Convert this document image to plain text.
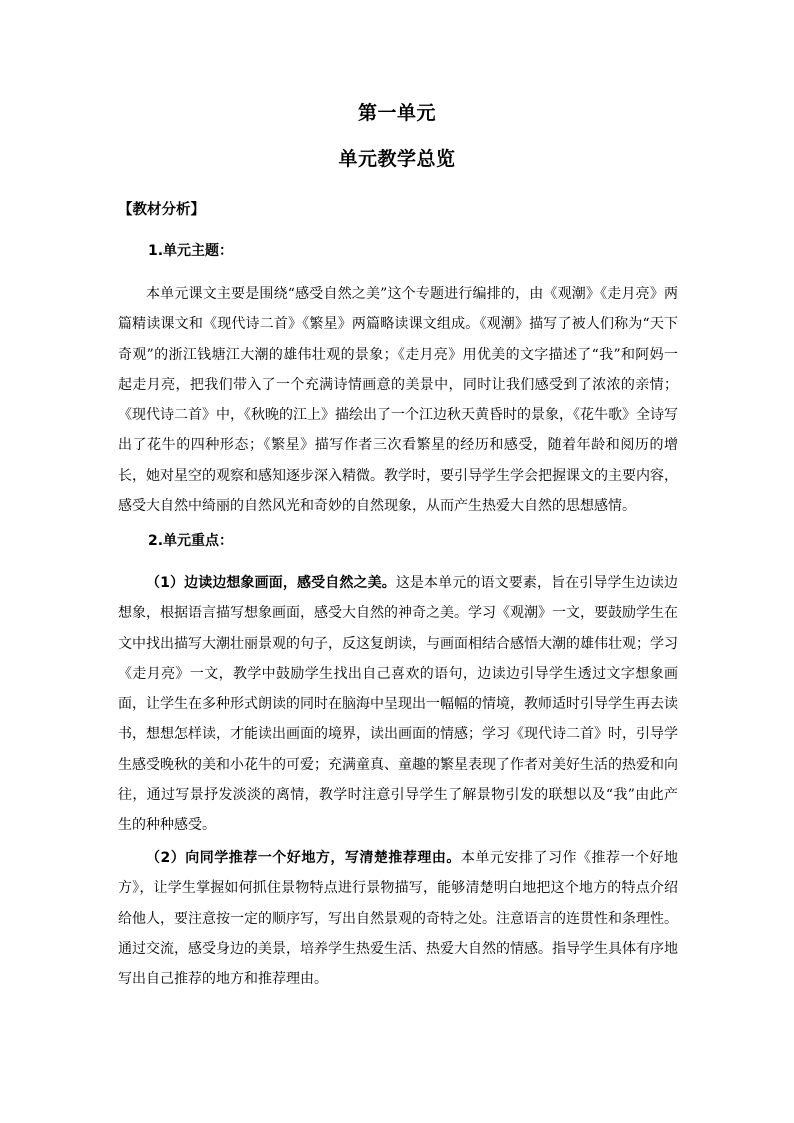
第一单元
单元教学总览
【教材分析】
1.单元主题：

本单元课文主要是围绕“感受自然之美”这个专题进行编排的，由《观潮》《走月亮》两篇精读课文和《现代诗二首》《繁星》两篇略读课文组成。《观潮》描写了被人们称为“天下奇观”的浙江钱塘江大潮的雄伟壮观的景象；《走月亮》用优美的文字描述了“我”和阿妈一起走月亮，把我们带入了一个充满诗情画意的美景中，同时让我们感受到了浓浓的亲情；《现代诗二首》中，《秋晚的江上》描绘出了一个江边秋天黄昏时的景象，《花牛歌》全诗写出了花牛的四种形态；《繁星》描写作者三次看繁星的经历和感受，随着年龄和阅历的增长，她对星空的观察和感知逐步深入精微。教学时，要引导学生学会把握课文的主要内容，感受大自然中绮丽的自然风光和奇妙的自然现象，从而产生热爱大自然的思想感情。

2.单元重点：

（1）边读边想象画面，感受自然之美。这是本单元的语文要素，旨在引导学生边读边想象，根据语言描写想象画面，感受大自然的神奇之美。学习《观潮》一文，要鼓励学生在文中找出描写大潮壮丽景观的句子，反这复朗读，与画面相结合感悟大潮的雄伟壮观；学习《走月亮》一文，教学中鼓励学生找出自己喜欢的语句，边读边引导学生透过文字想象画面，让学生在多种形式朗读的同时在脑海中呈现出一幅幅的情境，教师适时引导学生再去读书，想想怎样读，才能读出画面的境界，读出画面的情感；学习《现代诗二首》时，引导学生感受晚秋的美和小花牛的可爱；充满童真、童趣的繁星表现了作者对美好生活的热爱和向往，通过写景抒发淡淡的离情，教学时注意引导学生了解景物引发的联想以及“我”由此产生的种种感受。

（2）向同学推荐一个好地方，写清楚推荐理由。本单元安排了习作《推荐一个好地方》，让学生掌握如何抓住景物特点进行景物描写，能够清楚明白地把这个地方的特点介绍给他人，要注意按一定的顺序写，写出自然景观的奇特之处。注意语言的连贯性和条理性。通过交流，感受身边的美景，培养学生热爱生活、热爱大自然的情感。指导学生具体有序地写出自己推荐的地方和推荐理由。
